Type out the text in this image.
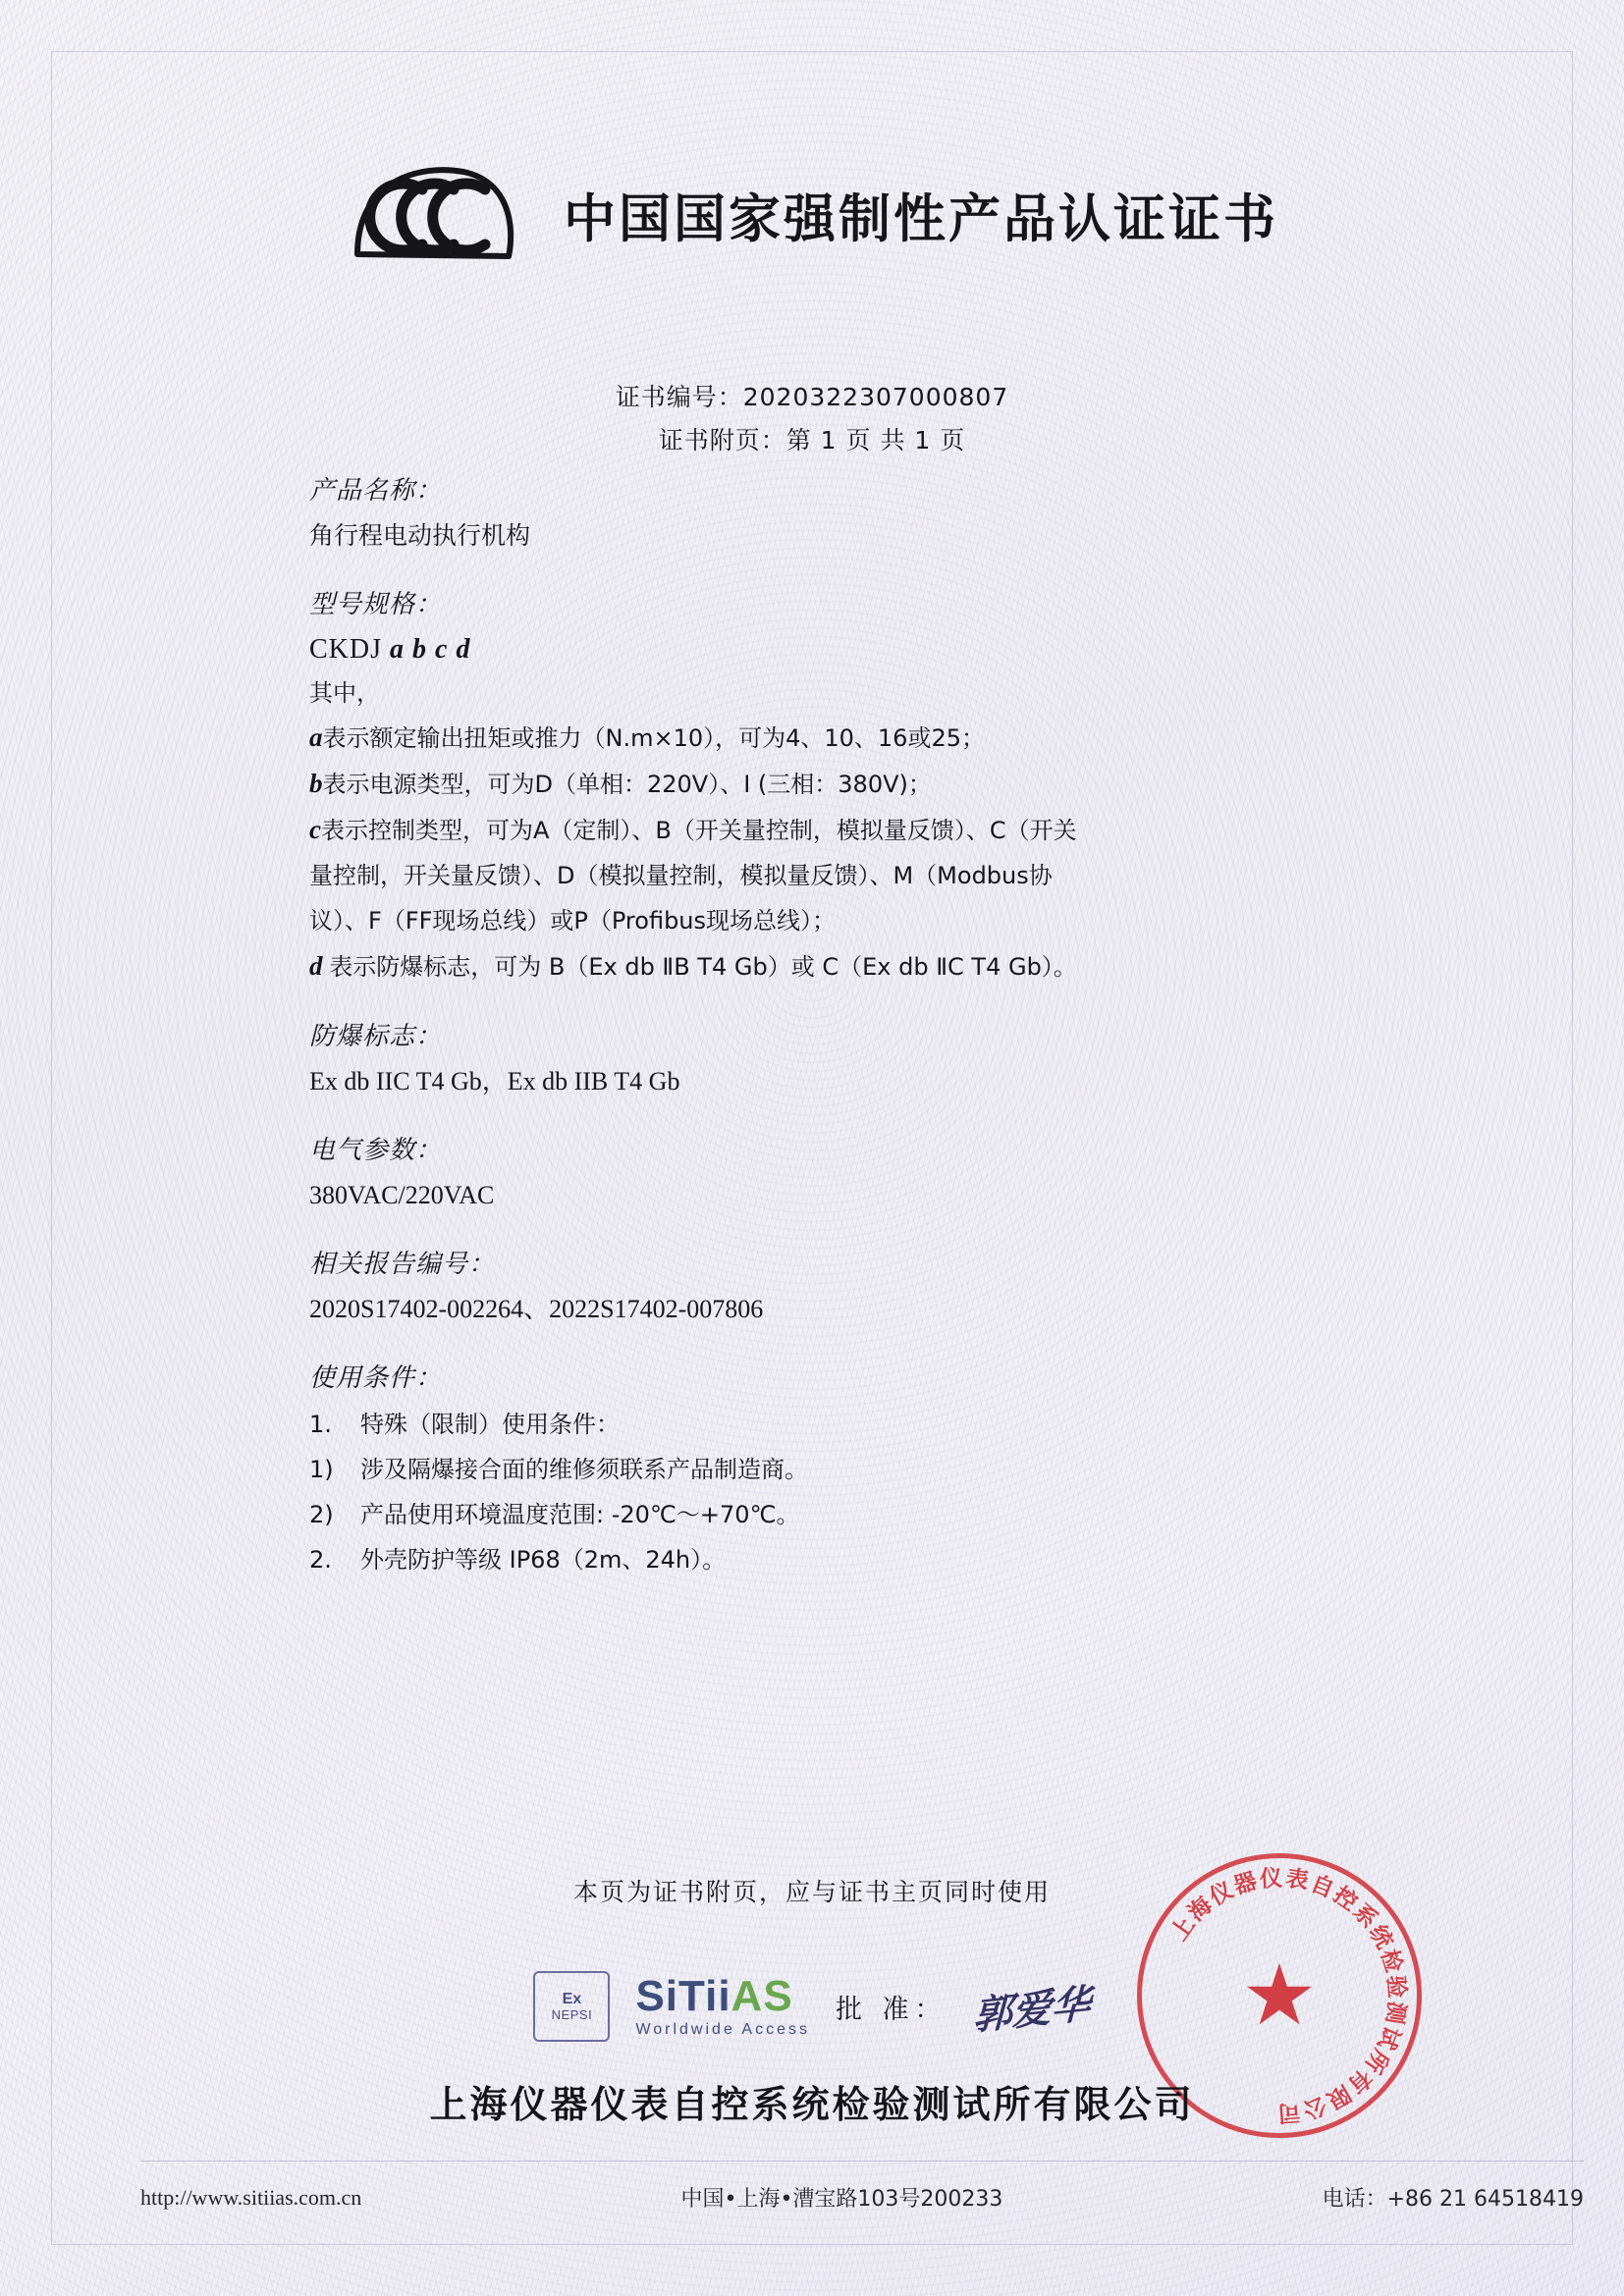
中国国家强制性产品认证证书
证书编号：2020322307000807
证书附页：第 1 页 共 1 页
产品名称：
角行程电动执行机构
型号规格：
CKDJ a b c d
其中，
a表示额定输出扭矩或推力（N.m×10），可为4、10、16或25；
b表示电源类型，可为D（单相：220V）、I (三相：380V)；
c表示控制类型，可为A（定制）、B（开关量控制，模拟量反馈）、C（开关
量控制，开关量反馈）、D（模拟量控制，模拟量反馈）、M（Modbus协
议）、F（FF现场总线）或P（Profibus现场总线）；
d 表示防爆标志，可为 B（Ex db ⅡB T4 Gb）或 C（Ex db ⅡC T4 Gb）。
防爆标志：
Ex db IIC T4 Gb，Ex db IIB T4 Gb
电气参数：
380VAC/220VAC
相关报告编号：
2020S17402-002264、2022S17402-007806
使用条件：
1.	特殊（限制）使用条件：
1)	涉及隔爆接合面的维修须联系产品制造商。
2)	产品使用环境温度范围: -20℃～+70℃。
2.	外壳防护等级 IP68（2m、24h）。
本页为证书附页，应与证书主页同时使用
Ex
NEPSI SiTiiAS
Worldwide Access
批 准： 郭爱华
上海仪器仪表自控系统检验测试所有限公司
★
上海仪器仪表自控系统检验测试所有限公司
http://www.sitiias.com.cn	中国•上海•漕宝路103号200233	电话：+86 21 64518419
